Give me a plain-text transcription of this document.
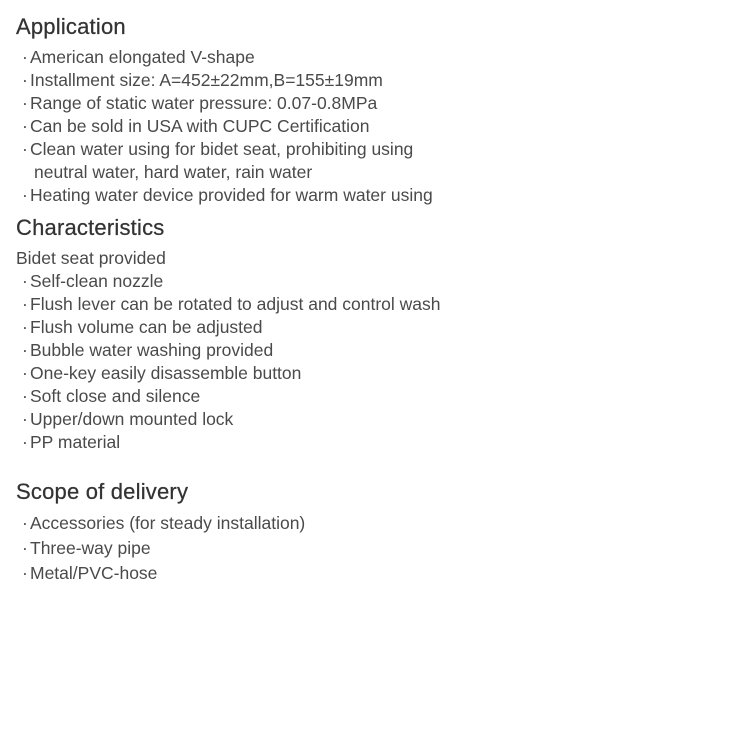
Application
· American elongated V-shape
· Installment size: A=452±22mm,B=155±19mm
· Range of static water pressure: 0.07-0.8MPa
· Can be sold in USA with CUPC Certification
· Clean water using for bidet seat, prohibiting using
neutral water, hard water, rain water
· Heating water device provided for warm water using
Characteristics
Bidet seat provided
· Self-clean nozzle
· Flush lever can be rotated to adjust and control wash
· Flush volume can be adjusted
· Bubble water washing provided
· One-key easily disassemble button
· Soft close and silence
· Upper/down mounted lock
· PP material
Scope of delivery
· Accessories (for steady installation)
· Three-way pipe
· Metal/PVC-hose
